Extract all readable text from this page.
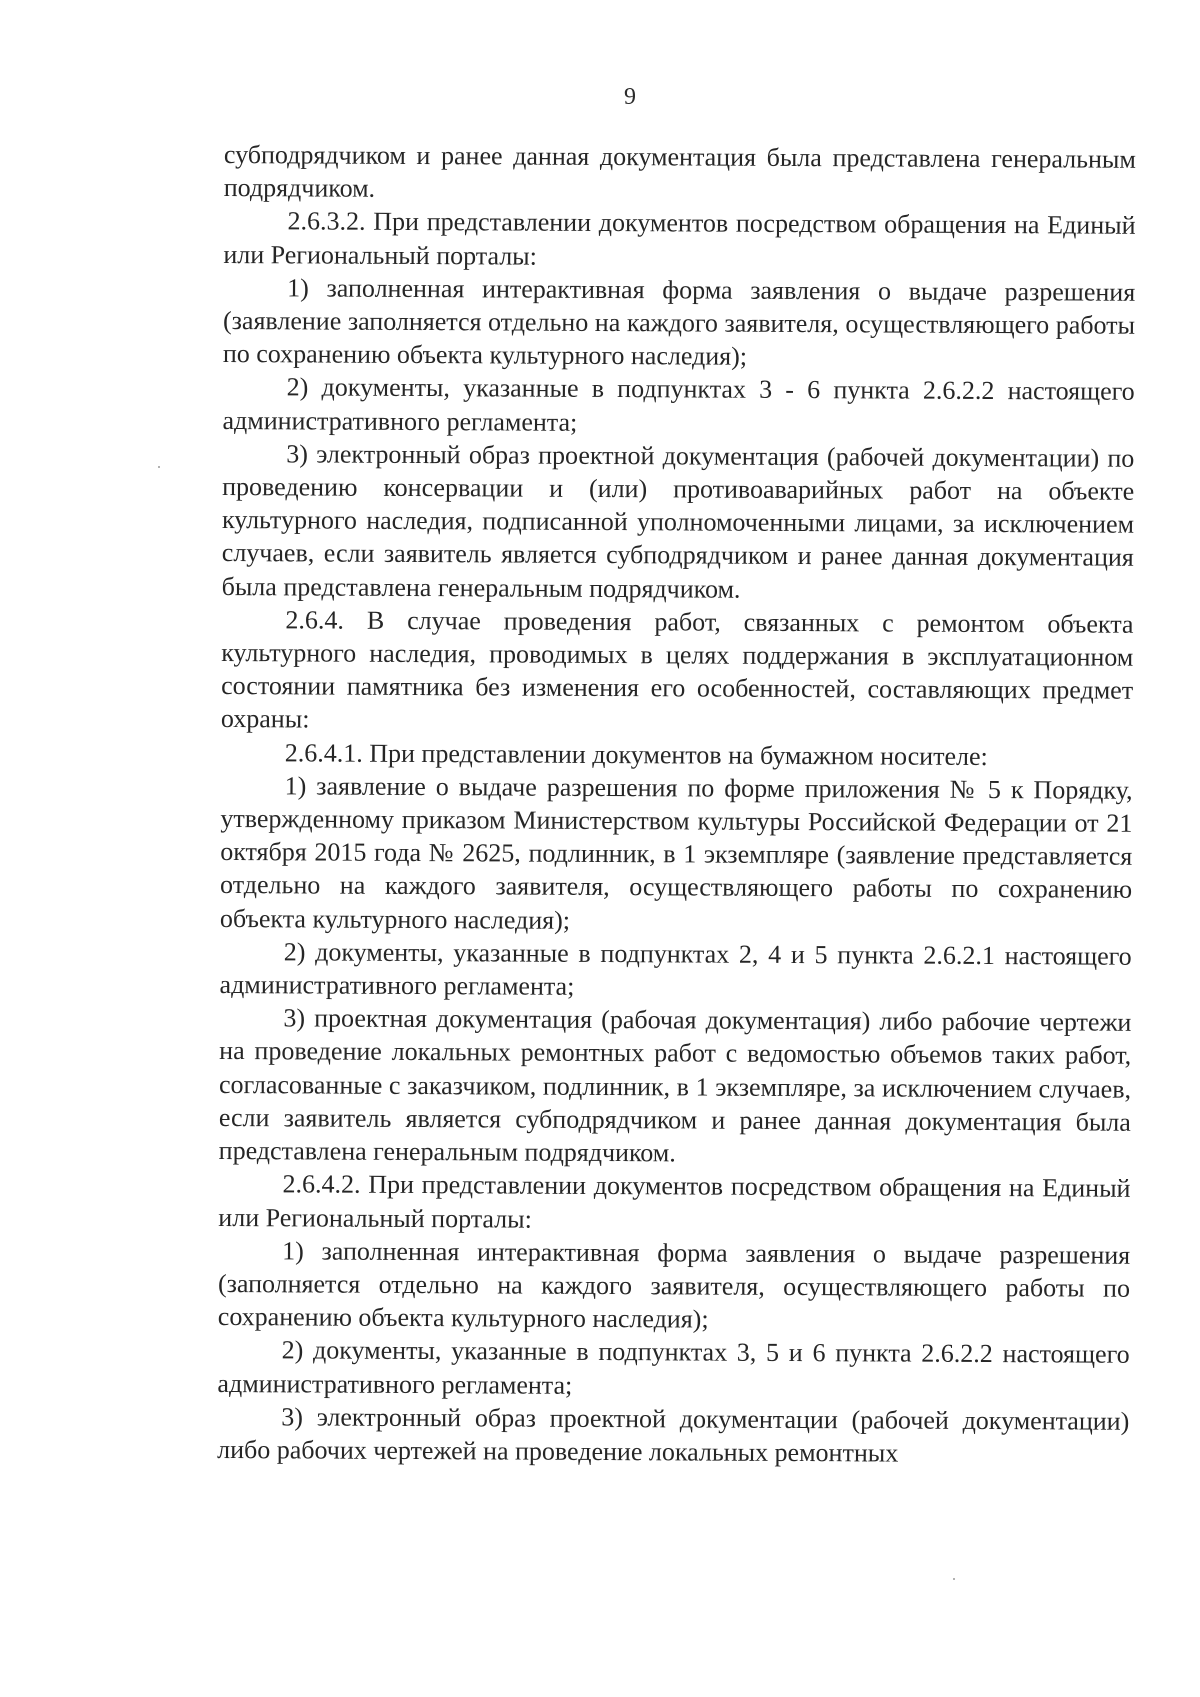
9

субподрядчиком и ранее данная документация была представлена генеральным подрядчиком.

2.6.3.2. При представлении документов посредством обращения на Единый или Региональный порталы:

1) заполненная интерактивная форма заявления о выдаче разрешения (заявление заполняется отдельно на каждого заявителя, осуществляющего работы по сохранению объекта культурного наследия);

2) документы, указанные в подпунктах 3 - 6 пункта 2.6.2.2 настоящего административного регламента;

3) электронный образ проектной документация (рабочей документации) по проведению консервации и (или) противоаварийных работ на объекте культурного наследия, подписанной уполномоченными лицами, за исключением случаев, если заявитель является субподрядчиком и ранее данная документация была представлена генеральным подрядчиком.

2.6.4. В случае проведения работ, связанных с ремонтом объекта культурного наследия, проводимых в целях поддержания в эксплуатационном состоянии памятника без изменения его особенностей, составляющих предмет охраны:

2.6.4.1. При представлении документов на бумажном носителе:

1) заявление о выдаче разрешения по форме приложения № 5 к Порядку, утвержденному приказом Министерством культуры Российской Федерации от 21 октября 2015 года № 2625, подлинник, в 1 экземпляре (заявление представляется отдельно на каждого заявителя, осуществляющего работы по сохранению объекта культурного наследия);

2) документы, указанные в подпунктах 2, 4 и 5 пункта 2.6.2.1 настоящего административного регламента;

3) проектная документация (рабочая документация) либо рабочие чертежи на проведение локальных ремонтных работ с ведомостью объемов таких работ, согласованные с заказчиком, подлинник, в 1 экземпляре, за исключением случаев, если заявитель является субподрядчиком и ранее данная документация была представлена генеральным подрядчиком.

2.6.4.2. При представлении документов посредством обращения на Единый или Региональный порталы:

1) заполненная интерактивная форма заявления о выдаче разрешения (заполняется отдельно на каждого заявителя, осуществляющего работы по сохранению объекта культурного наследия);

2) документы, указанные в подпунктах 3, 5 и 6 пункта 2.6.2.2 настоящего административного регламента;

3) электронный образ проектной документации (рабочей документации) либо рабочих чертежей на проведение локальных ремонтных
